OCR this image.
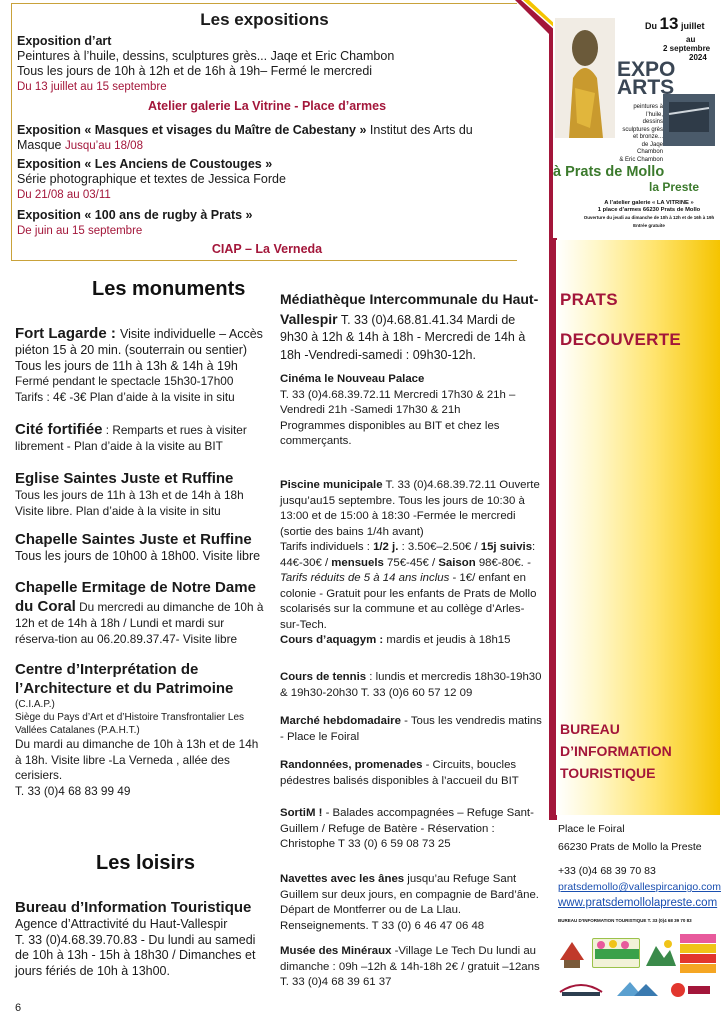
Les expositions
Exposition d’art
Peintures à l’huile, dessins, sculptures grès... Jaqe et Eric Chambon
Tous les jours de 10h à 12h et de 16h à 19h– Fermé le mercredi
Du 13 juillet au 15 septembre
Atelier galerie La Vitrine - Place d’armes
Exposition « Masques et visages du Maître de Cabestany » Institut des Arts du Masque Jusqu’au 18/08
Exposition « Les Anciens de Coustouges »
Série photographique et textes de Jessica Forde
Du 21/08 au 03/11
Exposition « 100 ans de rugby à Prats »
De juin au 15 septembre
CIAP – La Verneda
Du 13 juillet
au
2 septembre
2024
EXPO
ARTS
peintures à l’huile,
dessins
sculptures grès
et bronze...
de Jaqe Chambon
& Eric Chambon
à Prats de Mollo
la Preste
A l’atelier galerie « LA VITRINE »
1 place d’armes 66230 Prats de Mollo
Ouverture du jeudi au dimanche de 10h à 12h et de 16h à 19h
Entrée gratuite
PRATS
DECOUVERTE
BUREAU
D’INFORMATION
TOURISTIQUE
Les monuments
Fort Lagarde : Visite individuelle – Accès piéton 15 à 20 min. (souterrain ou sentier)
Tous les jours de 11h à 13h & 14h à 19h
Fermé pendant le spectacle 15h30-17h00
Tarifs : 4€ -3€ Plan d’aide à la visite in situ
Cité fortifiée : Remparts et rues à visiter librement - Plan d’aide à la visite au BIT
Eglise Saintes Juste et Ruffine
Tous les jours de 11h à 13h et de 14h à 18h
Visite libre. Plan d’aide à la visite in situ
Chapelle Saintes Juste et Ruffine
Tous les jours de 10h00 à 18h00. Visite libre
Chapelle Ermitage de Notre Dame du Coral Du mercredi au dimanche de 10h à 12h et de 14h à 18h / Lundi et mardi sur réserva-tion au 06.20.89.37.47- Visite libre
Centre d’Interprétation de l’Architecture et du Patrimoine
(C.I.A.P.)
Siège du Pays d’Art et d’Histoire Transfrontalier Les Vallées Catalanes (P.A.H.T.)
Du mardi au dimanche de 10h à 13h et de 14h à 18h. Visite libre -La Verneda , allée des cerisiers.
T. 33 (0)4 68 83 99 49
Les loisirs
Bureau d’Information Touristique
Agence d’Attractivité du Haut-Vallespir
T. 33 (0)4.68.39.70.83 - Du lundi au samedi de 10h à 13h - 15h à 18h30 / Dimanches et jours fériés de 10h à 13h00.
Médiathèque Intercommunale du Haut-Vallespir T. 33 (0)4.68.81.41.34 Mardi de 9h30 à 12h & 14h à 18h - Mercredi de 14h à 18h -Vendredi-samedi : 09h30-12h.
Cinéma le Nouveau Palace
T. 33 (0)4.68.39.72.11 Mercredi 17h30 & 21h –Vendredi 21h -Samedi 17h30 & 21h
Programmes disponibles au BIT et chez les commerçants.
Piscine municipale T. 33 (0)4.68.39.72.11 Ouverte jusqu’au15 septembre. Tous les jours de 10:30 à 13:00 et de 15:00 à 18:30 -Fermée le mercredi (sortie des bains 1/4h avant)
Tarifs individuels : 1/2 j. : 3.50€–2.50€ / 15j suivis: 44€-30€ / mensuels 75€-45€ / Saison 98€-80€. -Tarifs réduits de 5 à 14 ans inclus - 1€/ enfant en colonie - Gratuit pour les enfants de Prats de Mollo scolarisés sur la commune et au collège d’Arles-sur-Tech.
Cours d’aquagym : mardis et jeudis à 18h15
Cours de tennis : lundis et mercredis 18h30-19h30 & 19h30-20h30 T. 33 (0)6 60 57 12 09
Marché hebdomadaire - Tous les vendredis matins - Place le Foiral
Randonnées, promenades - Circuits, boucles pédestres balisés disponibles à l’accueil du BIT
SortiM ! - Balades accompagnées – Refuge Sant-Guillem / Refuge de Batère - Réservation : Christophe T 33 (0) 6 59 08 73 25
Navettes avec les ânes jusqu’au Refuge Sant Guillem sur deux jours, en compagnie de Bard’âne. Départ de Montferrer ou de La Llau. Renseignements. T 33 (0) 6 46 47 06 48
Musée des Minéraux -Village Le Tech Du lundi au dimanche : 09h –12h & 14h-18h 2€ / gratuit –12ans T. 33 (0)4 68 39 61 37
Place le Foiral
66230 Prats de Mollo la Preste
+33 (0)4 68 39 70 83
pratsdemollo@vallespircanigo.com
www.pratsdemollolapreste.com
BUREAU D’INFORMATION TOURISTIQUE T. 33 (0)4 68 39 70 83
6
